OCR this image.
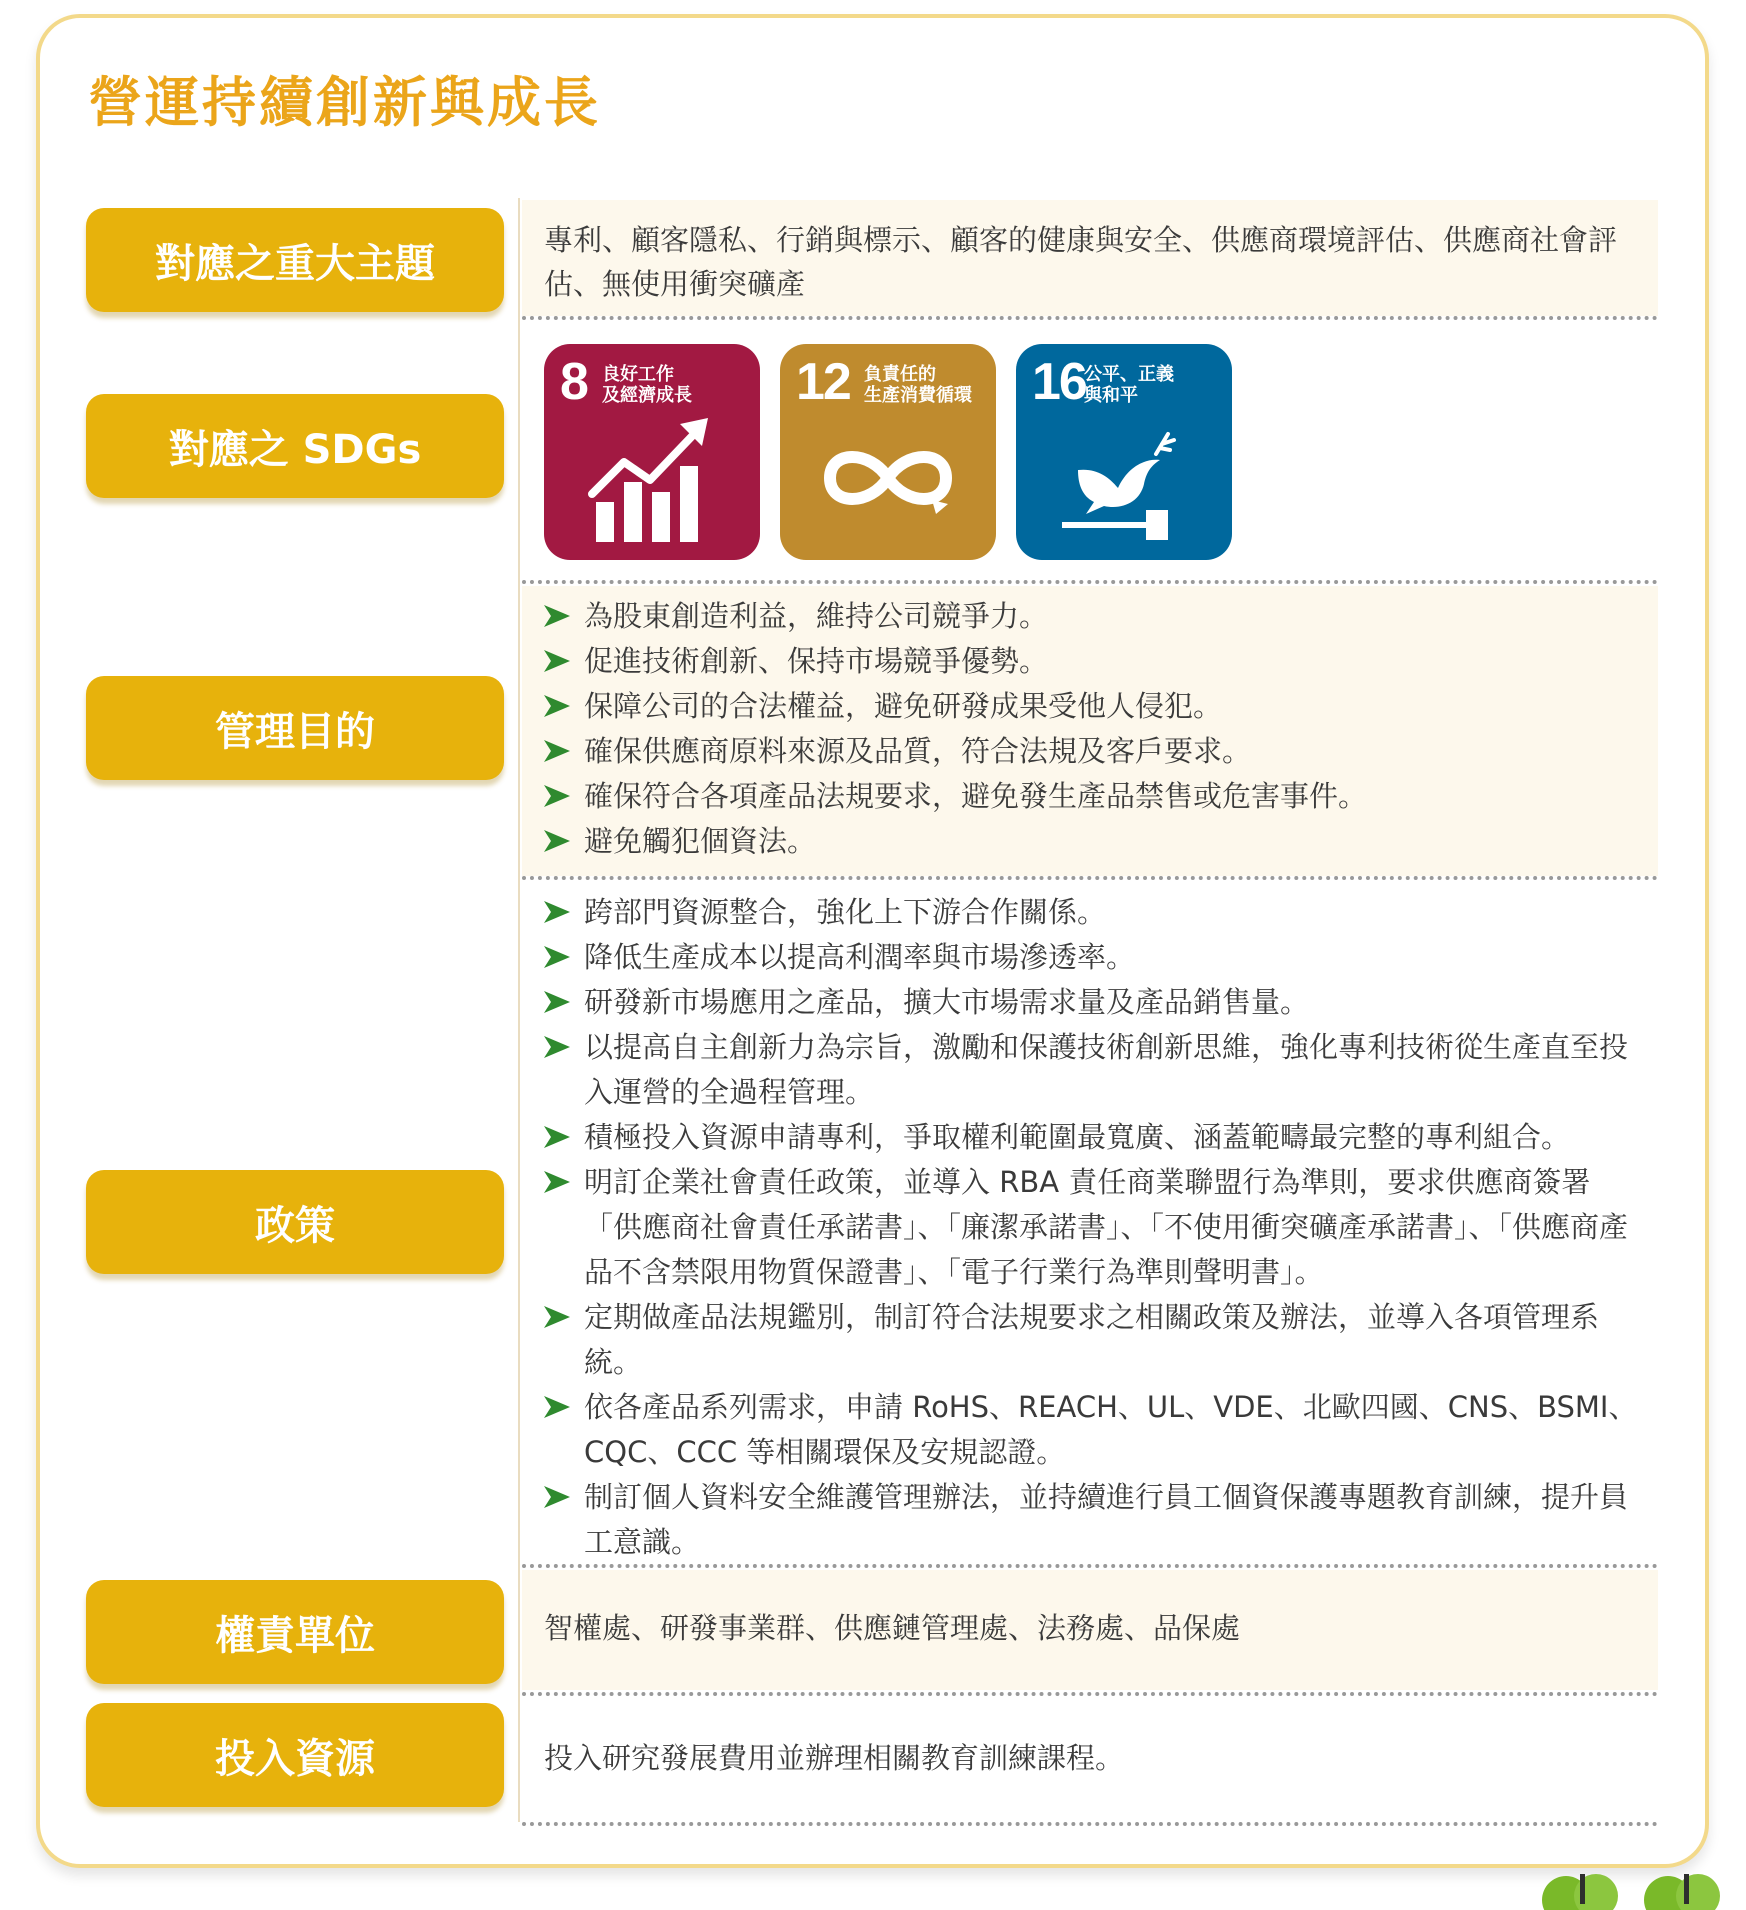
營運持續創新與成長
對應之重大主題
對應之 SDGs
管理目的
政策
權責單位
投入資源
專利、顧客隱私、行銷與標示、顧客的健康與安全、供應商環境評估、供應商社會評估、無使用衝突礦產
8 良好工作
及經濟成長 12 負責任的
生產消費循環 16
公平、正義
與和平
為股東創造利益，維持公司競爭力。
促進技術創新、保持市場競爭優勢。
保障公司的合法權益，避免研發成果受他人侵犯。
確保供應商原料來源及品質，符合法規及客戶要求。
確保符合各項產品法規要求，避免發生產品禁售或危害事件。
避免觸犯個資法。
跨部門資源整合，強化上下游合作關係。
降低生產成本以提高利潤率與市場滲透率。
研發新市場應用之產品，擴大市場需求量及產品銷售量。
以提高自主創新力為宗旨，激勵和保護技術創新思維，強化專利技術從生產直至投入運營的全過程管理。
積極投入資源申請專利，爭取權利範圍最寬廣、涵蓋範疇最完整的專利組合。
明訂企業社會責任政策，並導入 RBA 責任商業聯盟行為準則，要求供應商簽署「供應商社會責任承諾書」、「廉潔承諾書」、「不使用衝突礦產承諾書」、「供應商產品不含禁限用物質保證書」、「電子行業行為準則聲明書」。
定期做產品法規鑑別，制訂符合法規要求之相關政策及辦法，並導入各項管理系統。
依各產品系列需求，申請 RoHS、REACH、UL、VDE、北歐四國、CNS、BSMI、CQC、CCC 等相關環保及安規認證。
制訂個人資料安全維護管理辦法，並持續進行員工個資保護專題教育訓練，提升員工意識。
智權處、研發事業群、供應鏈管理處、法務處、品保處
投入研究發展費用並辦理相關教育訓練課程。
